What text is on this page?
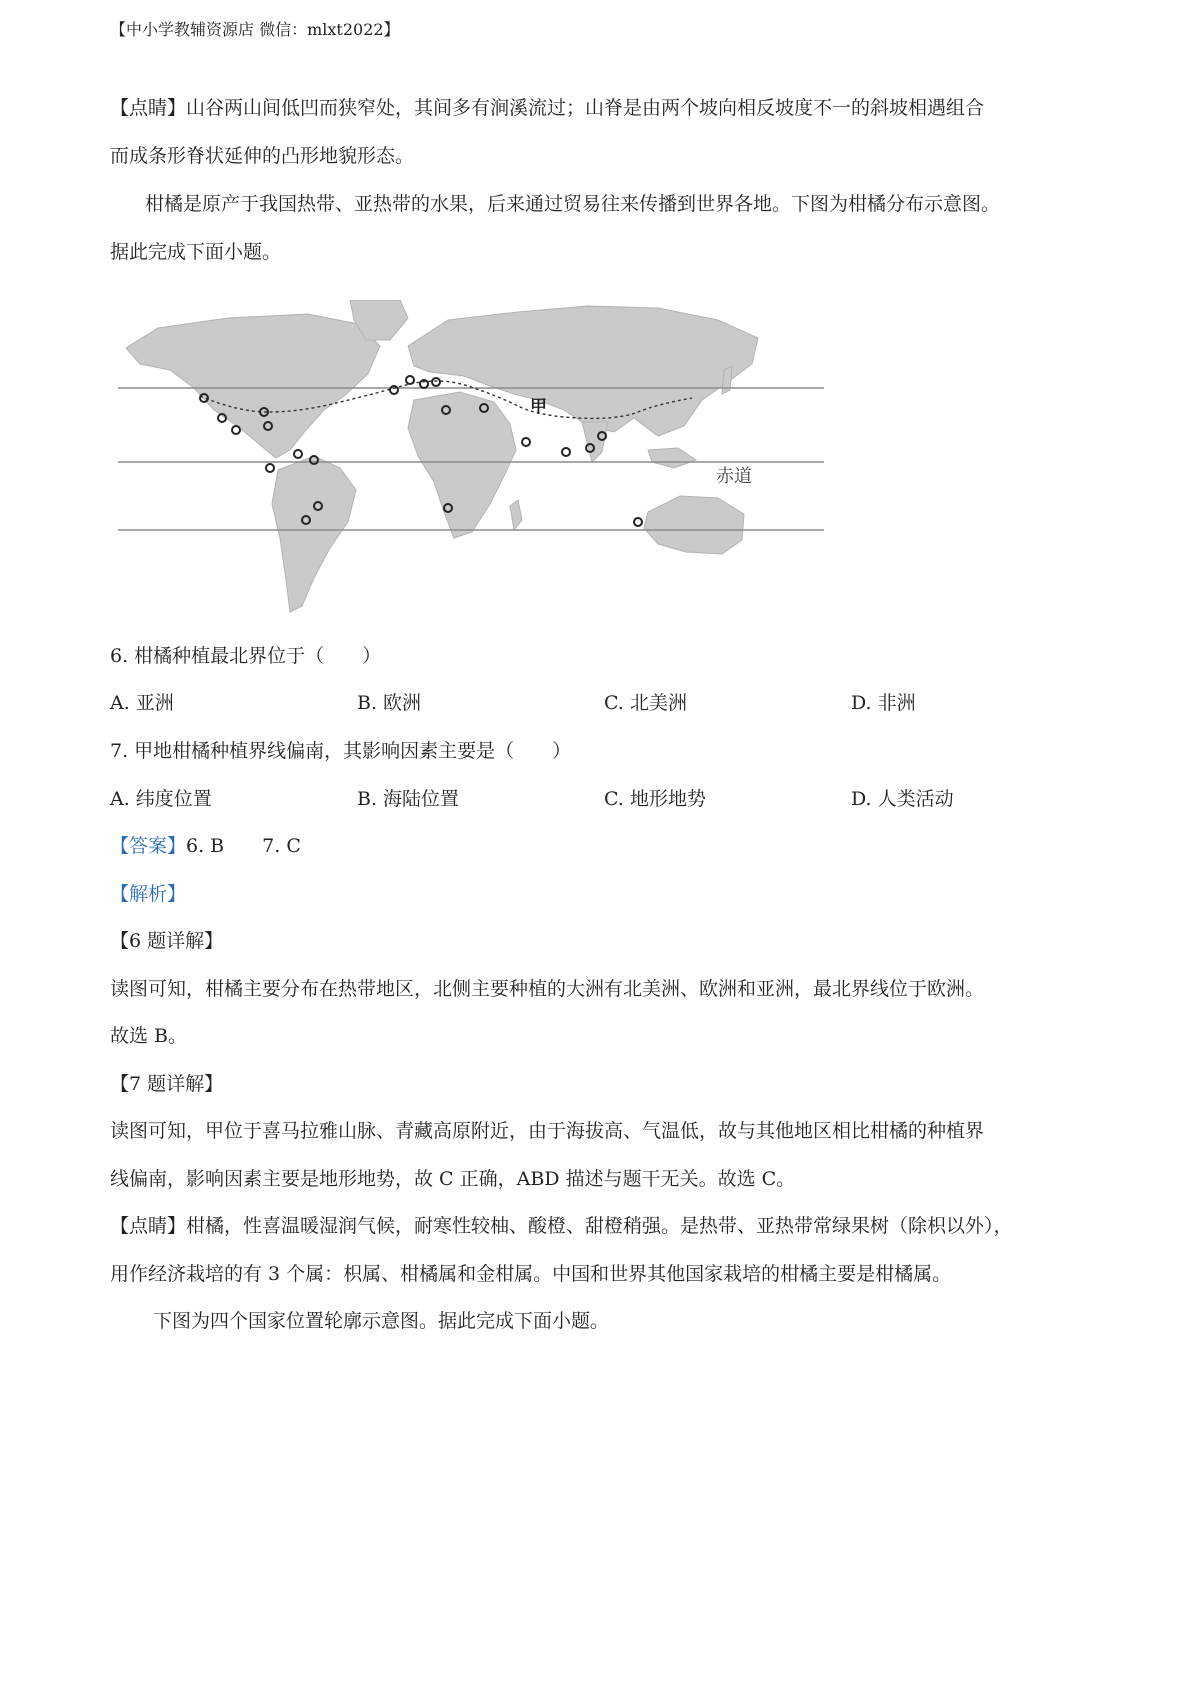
【中小学教辅资源店 微信：mlxt2022】
【点睛】山谷两山间低凹而狭窄处，其间多有涧溪流过；山脊是由两个坡向相反坡度不一的斜坡相遇组合
而成条形脊状延伸的凸形地貌形态。
柑橘是原产于我国热带、亚热带的水果，后来通过贸易往来传播到世界各地。下图为柑橘分布示意图。
据此完成下面小题。
甲
赤道
6. 柑橘种植最北界位于（　　）
A. 亚洲	B. 欧洲	C. 北美洲	D. 非洲
7. 甲地柑橘种植界线偏南，其影响因素主要是（　　）
A. 纬度位置	B. 海陆位置	C. 地形地势	D. 人类活动
【答案】6. B　　7. C
【解析】
【6 题详解】
读图可知，柑橘主要分布在热带地区，北侧主要种植的大洲有北美洲、欧洲和亚洲，最北界线位于欧洲。
故选 B。
【7 题详解】
读图可知，甲位于喜马拉雅山脉、青藏高原附近，由于海拔高、气温低，故与其他地区相比柑橘的种植界
线偏南，影响因素主要是地形地势，故 C 正确，ABD 描述与题干无关。故选 C。
【点睛】柑橘，性喜温暖湿润气候，耐寒性较柚、酸橙、甜橙稍强。是热带、亚热带常绿果树（除枳以外），
用作经济栽培的有 3 个属：枳属、柑橘属和金柑属。中国和世界其他国家栽培的柑橘主要是柑橘属。
下图为四个国家位置轮廓示意图。据此完成下面小题。
